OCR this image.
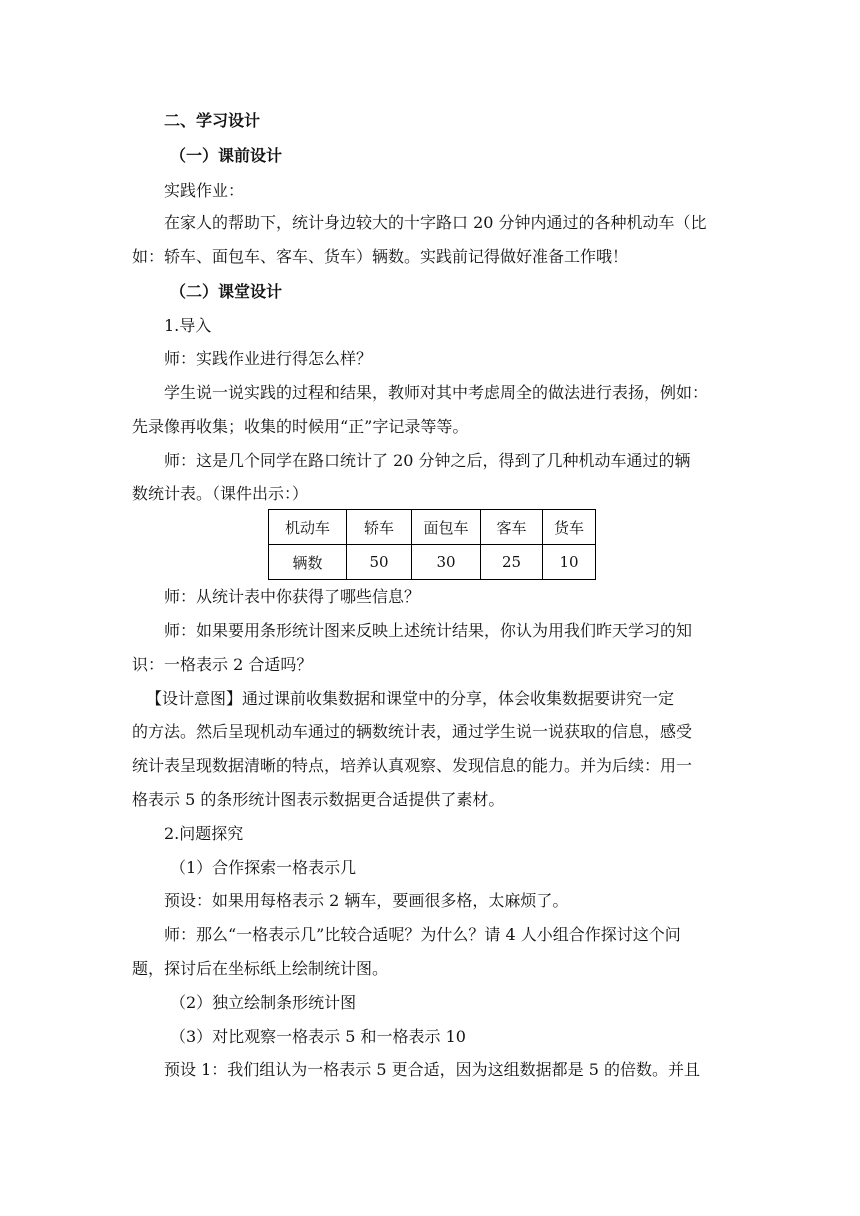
二、学习设计
（一）课前设计
实践作业：
在家人的帮助下，统计身边较大的十字路口 20 分钟内通过的各种机动车（比
如：轿车、面包车、客车、货车）辆数。实践前记得做好准备工作哦！
（二）课堂设计
1.导入
师：实践作业进行得怎么样？
学生说一说实践的过程和结果，教师对其中考虑周全的做法进行表扬，例如：
先录像再收集；收集的时候用“正”字记录等等。
师：这是几个同学在路口统计了 20 分钟之后，得到了几种机动车通过的辆
数统计表。（课件出示：）
机动车	轿车	面包车	客车	货车
辆数	50	30	25	10
师：从统计表中你获得了哪些信息？
师：如果要用条形统计图来反映上述统计结果，你认为用我们昨天学习的知
识：一格表示 2 合适吗？
【设计意图】通过课前收集数据和课堂中的分享，体会收集数据要讲究一定
的方法。然后呈现机动车通过的辆数统计表，通过学生说一说获取的信息，感受
统计表呈现数据清晰的特点，培养认真观察、发现信息的能力。并为后续：用一
格表示 5 的条形统计图表示数据更合适提供了素材。
2.问题探究
（1）合作探索一格表示几
预设：如果用每格表示 2 辆车，要画很多格，太麻烦了。
师：那么“一格表示几”比较合适呢？为什么？请 4 人小组合作探讨这个问
题，探讨后在坐标纸上绘制统计图。
（2）独立绘制条形统计图
（3）对比观察一格表示 5 和一格表示 10
预设 1：我们组认为一格表示 5 更合适，因为这组数据都是 5 的倍数。并且
